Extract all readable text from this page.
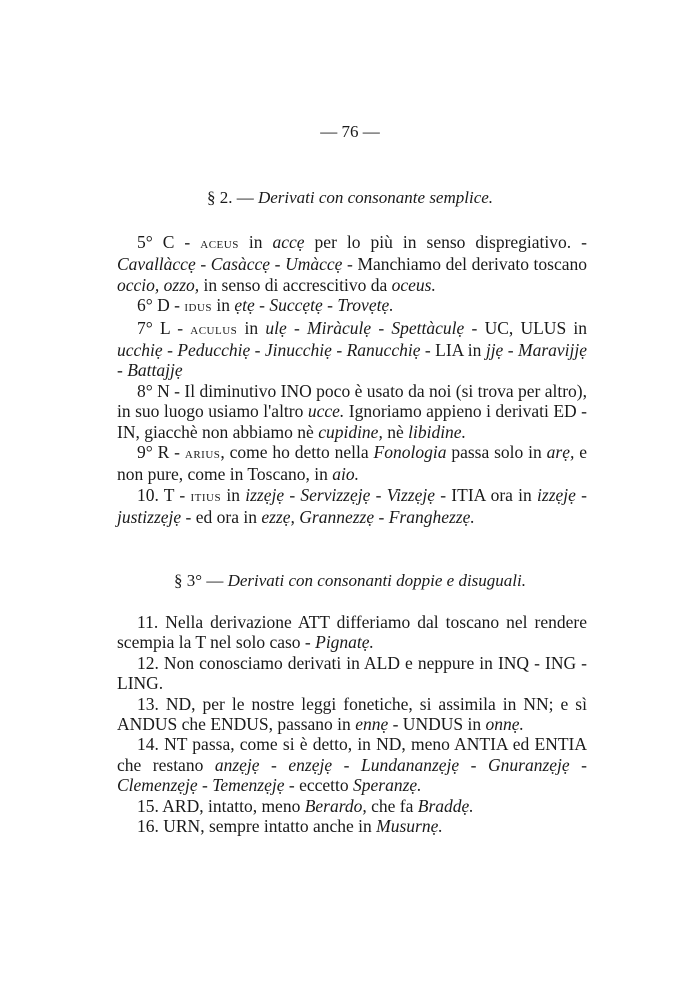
— 76 —
§ 2. — Derivati con consonante semplice.

5° C - aceus in accẹ per lo più in senso dispregiativo. - Cavallàccẹ - Casàccẹ - Umàccẹ - Manchiamo del derivato toscano occio, ozzo, in senso di accrescitivo da oceus.

6° D - idus in ẹtẹ - Succẹtẹ - Trovẹtẹ.

7° L - aculus in ulẹ - Miràculẹ - Spettàculẹ - UC, ULUS in ucchiẹ - Peducchiẹ - Jinucchiẹ - Ranucchiẹ - LIA in jjẹ - Maravijjẹ - Battajjẹ

8° N - Il diminutivo INO poco è usato da noi (si trova per altro), in suo luogo usiamo l'altro ucce. Ignoriamo appieno i derivati ED - IN, giacchè non abbiamo nè cupidine, nè libidine.

9° R - arius, come ho detto nella Fonologia passa solo in arẹ, e non pure, come in Toscano, in aio.

10. T - itius in izzẹjẹ - Servizzẹjẹ - Vizzẹjẹ - ITIA ora in izzẹjẹ - justizzẹjẹ - ed ora in ezzẹ, Grannezzẹ - Franghezzẹ.

§ 3° — Derivati con consonanti doppie e disuguali.

11. Nella derivazione ATT differiamo dal toscano nel rendere scempia la T nel solo caso - Pignatẹ.

12. Non conosciamo derivati in ALD e neppure in INQ - ING - LING.

13. ND, per le nostre leggi fonetiche, si assimila in NN; e sì ANDUS che ENDUS, passano in ennẹ - UNDUS in onnẹ.

14. NT passa, come si è detto, in ND, meno ANTIA ed ENTIA che restano anzẹjẹ - enzẹjẹ - Lundananzẹjẹ - Gnuranzẹjẹ - Clemenzẹjẹ - Temenzẹjẹ - eccetto Speranzẹ.

15. ARD, intatto, meno Berardo, che fa Braddẹ.

16. URN, sempre intatto anche in Musurnẹ.
